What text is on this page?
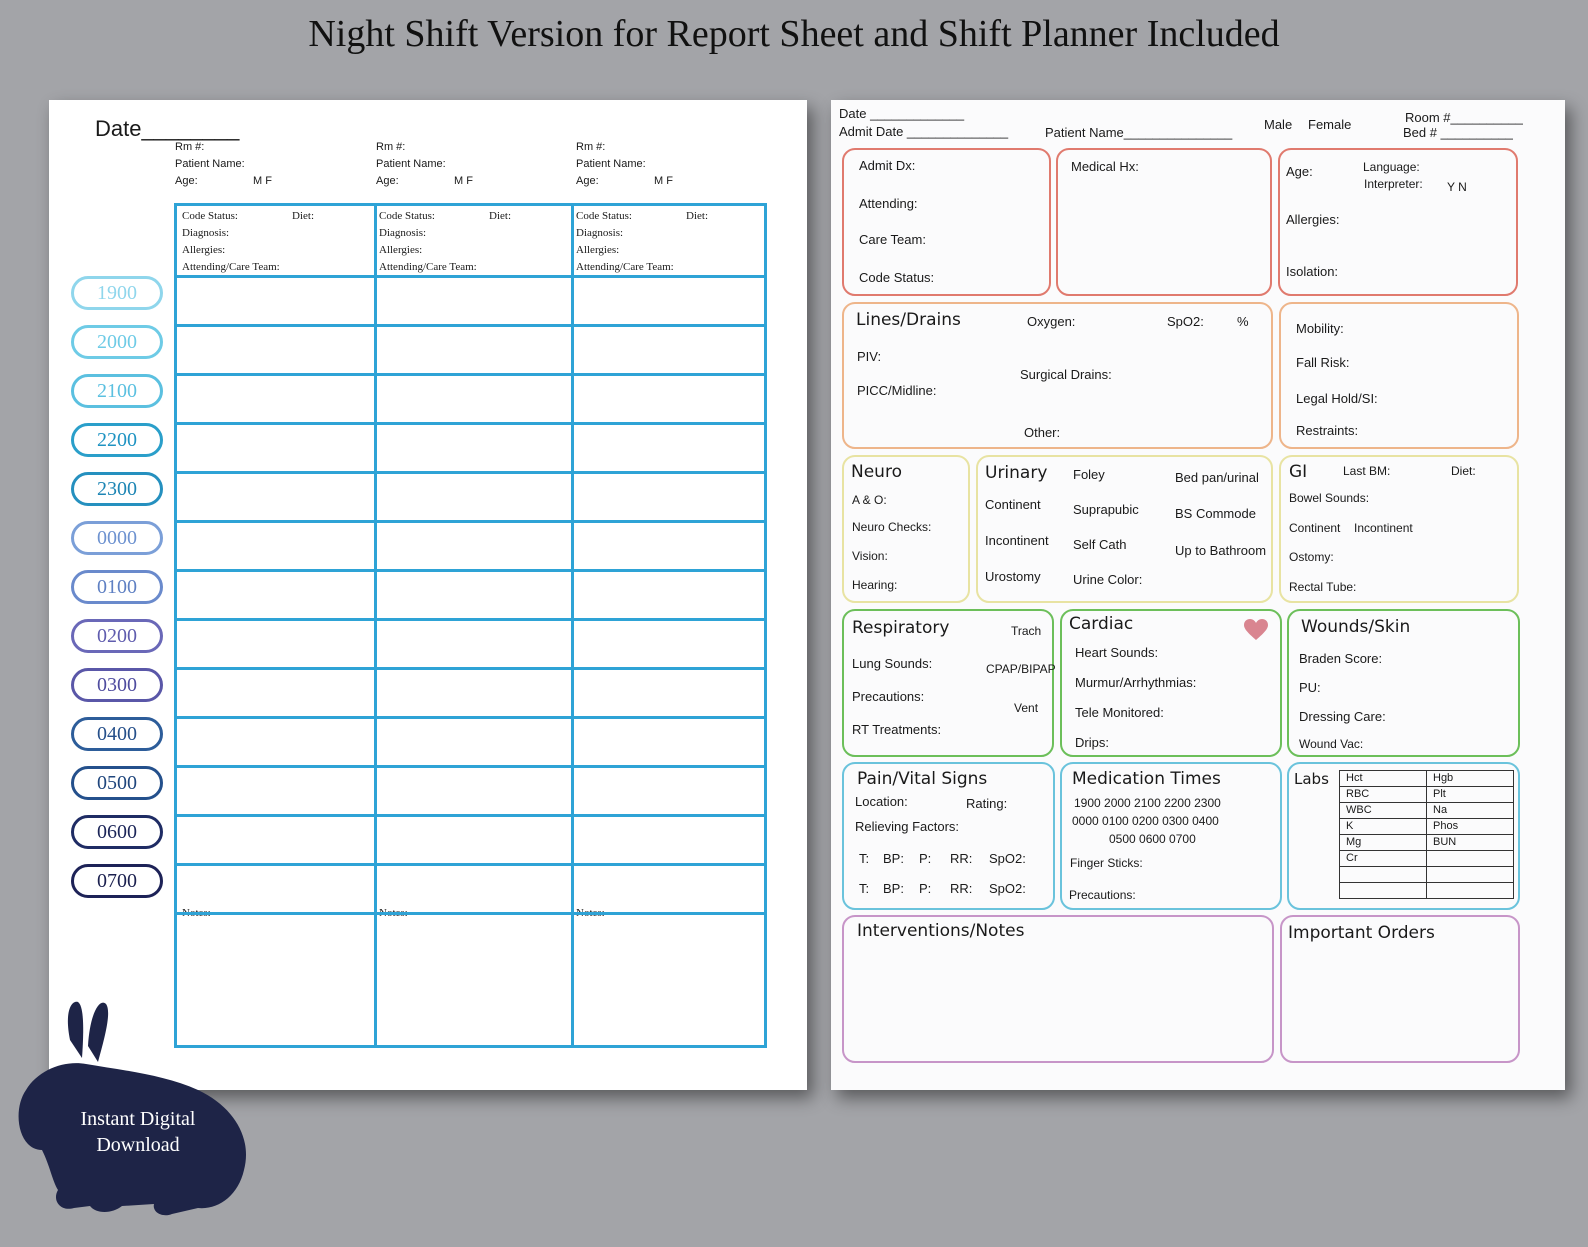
Night Shift Version for Report Sheet and Shift Planner Included
Date________
Rm #:
Patient Name:
Age:	M F
Rm #:
Patient Name:
Age:	M F
Rm #:
Patient Name:
Age:	M F
Code Status:	Diet:
Diagnosis:
Allergies:
Attending/Care Team:
Code Status:	Diet:
Diagnosis:
Allergies:
Attending/Care Team:
Code Status:	Diet:
Diagnosis:
Allergies:
Attending/Care Team:
Notes:	Notes:	Notes:
1900
2000
2100
2200
2300
0000
0100
0200
0300
0400
0500
0600
0700
Instant Digital
Download
Date _____________
Admit Date ______________	Patient Name_______________
Male Female	Room #__________
Bed # __________
Admit Dx:
Attending:
Care Team:
Code Status:
Medical Hx:	Age:	Language:
Interpreter: Y N
Allergies:
Isolation:
Lines/Drains	Oxygen:	SpO2:	%
PIV:
Surgical Drains:
PICC/Midline:
Other:
Mobility:
Fall Risk:
Legal Hold/SI:
Restraints:
Neuro
A & O:
Neuro Checks:
Vision:
Hearing:
Urinary Foley	Bed pan/urinal
Continent Suprapubic	BS Commode
Incontinent Self Cath	Up to Bathroom
Urostomy Urine Color:
GI	Last BM:	Diet:
Bowel Sounds:
Continent Incontinent
Ostomy:
Rectal Tube:
Respiratory	Trach
Lung Sounds:	CPAP/BIPAP
Precautions:
Vent
RT Treatments:
Cardiac
Heart Sounds:
Murmur/Arrhythmias:
Tele Monitored:
Drips:
Wounds/Skin
Braden Score:
PU:
Dressing Care:
Wound Vac:
Pain/Vital Signs
Location:	Rating:
Relieving Factors:
T: BP: P: RR: SpO2:
T: BP: P: RR: SpO2:
Medication Times
1900 2000 2100 2200 2300
0000 0100 0200 0300 0400
0500 0600 0700
Finger Sticks:
Precautions:
Labs Hct	Hgb
RBC	Plt
WBC	Na
K	Phos
Mg	BUN
Cr	

Interventions/Notes	Important Orders
